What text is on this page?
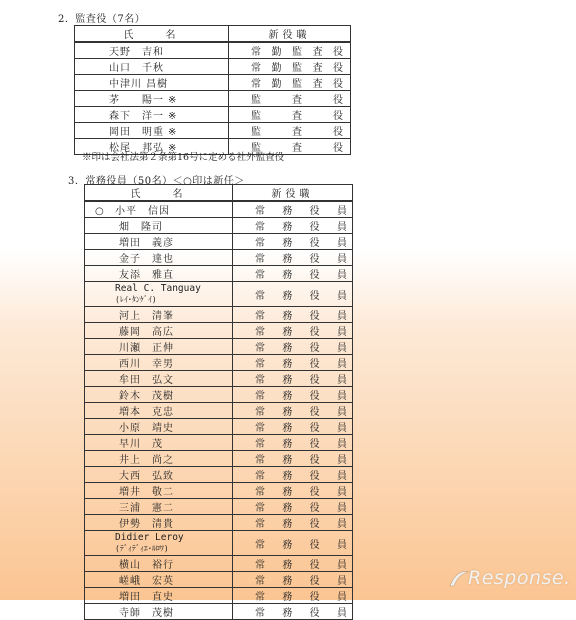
2．監査役（7名）
氏　　名	新役職
天野　吉和	常勤監査役
山口　千秋	常勤監査役
中津川 昌樹	常勤監査役
茅　　陽一 ※	監査役
森下　洋一 ※	監査役
岡田　明重 ※	監査役
松尾　邦弘 ※	監査役
※印は会社法第２条第16号に定める社外監査役
3．常務役員（50名）＜○印は新任＞
氏　　名	新役職
○ 小平　信因	常務役員
畑　隆司	常務役員
増田　義彦	常務役員
金子　達也	常務役員
友添　雅直	常務役員
Real C. Tanguay
(ﾚｲ･ﾀﾝｹﾞｲ)	常務役員
河上　清峯	常務役員
藤岡　高広	常務役員
川瀬　正伸	常務役員
西川　幸男	常務役員
牟田　弘文	常務役員
鈴木　茂樹	常務役員
増本　克忠	常務役員
小原　靖史	常務役員
早川　茂	常務役員
井上　尚之	常務役員
大西　弘致	常務役員
増井　敬二	常務役員
三浦　憲二	常務役員
伊勢　清貴	常務役員
Didier Leroy
(ﾃﾞｨﾃﾞｨｴ･ﾙﾛﾜ)	常務役員
横山　裕行	常務役員
嵯峨　宏英	常務役員
増田　直史	常務役員
寺師　茂樹	常務役員
Response.
